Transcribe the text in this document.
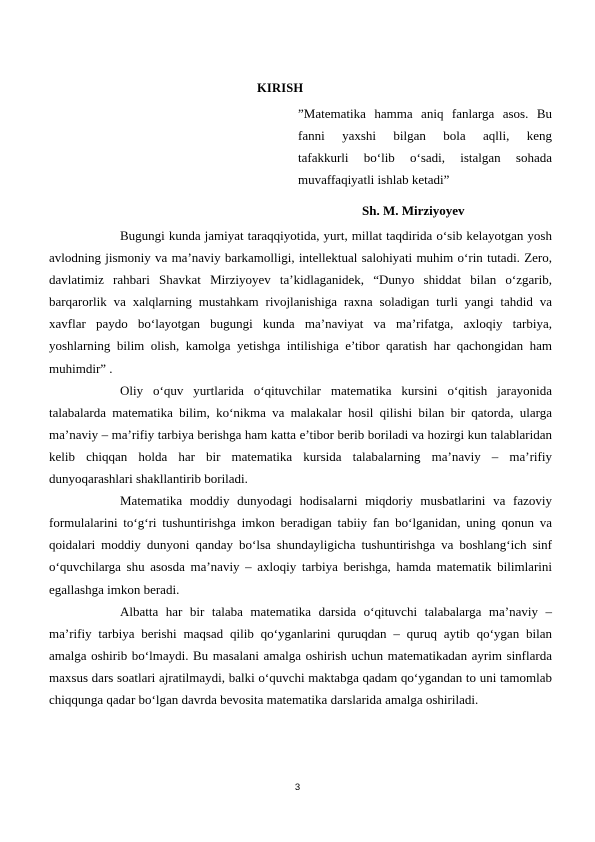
KIRISH
”Matematika hamma aniq fanlarga asos. Bu
fanni yaxshi bilgan bola aqlli, keng
tafakkurli bo‘lib o‘sadi, istalgan sohada
muvaffaqiyatli ishlab ketadi”
Sh. M. Mirziyoyev

Bugungi kunda jamiyat taraqqiyotida, yurt, millat taqdirida o‘sib kelayotgan yosh avlodning jismoniy va ma’naviy barkamolligi, intellektual salohiyati muhim o‘rin tutadi. Zero, davlatimiz rahbari Shavkat Mirziyoyev ta’kidlaganidek, “Dunyo shiddat bilan o‘zgarib, barqarorlik va xalqlarning mustahkam rivojlanishiga raxna soladigan turli yangi tahdid va xavflar paydo bo‘layotgan bugungi kunda ma’naviyat va ma’rifatga, axloqiy tarbiya, yoshlarning bilim olish, kamolga yetishga intilishiga e’tibor qaratish har qachongidan ham muhimdir” .

Oliy o‘quv yurtlarida o‘qituvchilar matematika kursini o‘qitish jarayonida talabalarda matematika bilim, ko‘nikma va malakalar hosil qilishi bilan bir qatorda, ularga ma’naviy – ma’rifiy tarbiya berishga ham katta e’tibor berib boriladi va hozirgi kun talablaridan kelib chiqqan holda har bir matematika kursida talabalarning ma’naviy – ma’rifiy dunyoqarashlari shakllantirib boriladi.

Matematika moddiy dunyodagi hodisalarni miqdoriy musbatlarini va fazoviy formulalarini to‘g‘ri tushuntirishga imkon beradigan tabiiy fan bo‘lganidan, uning qonun va qoidalari moddiy dunyoni qanday bo‘lsa shundayligicha tushuntirishga va boshlang‘ich sinf o‘quvchilarga shu asosda ma’naviy – axloqiy tarbiya berishga, hamda matematik bilimlarini egallashga imkon beradi.

Albatta har bir talaba matematika darsida o‘qituvchi talabalarga ma’naviy – ma’rifiy tarbiya berishi maqsad qilib qo‘yganlarini quruqdan – quruq aytib qo‘ygan bilan amalga oshirib bo‘lmaydi. Bu masalani amalga oshirish uchun matematikadan ayrim sinflarda maxsus dars soatlari ajratilmaydi, balki o‘quvchi maktabga qadam qo‘ygandan to uni tamomlab chiqqunga qadar bo‘lgan davrda bevosita matematika darslarida amalga oshiriladi.

3
